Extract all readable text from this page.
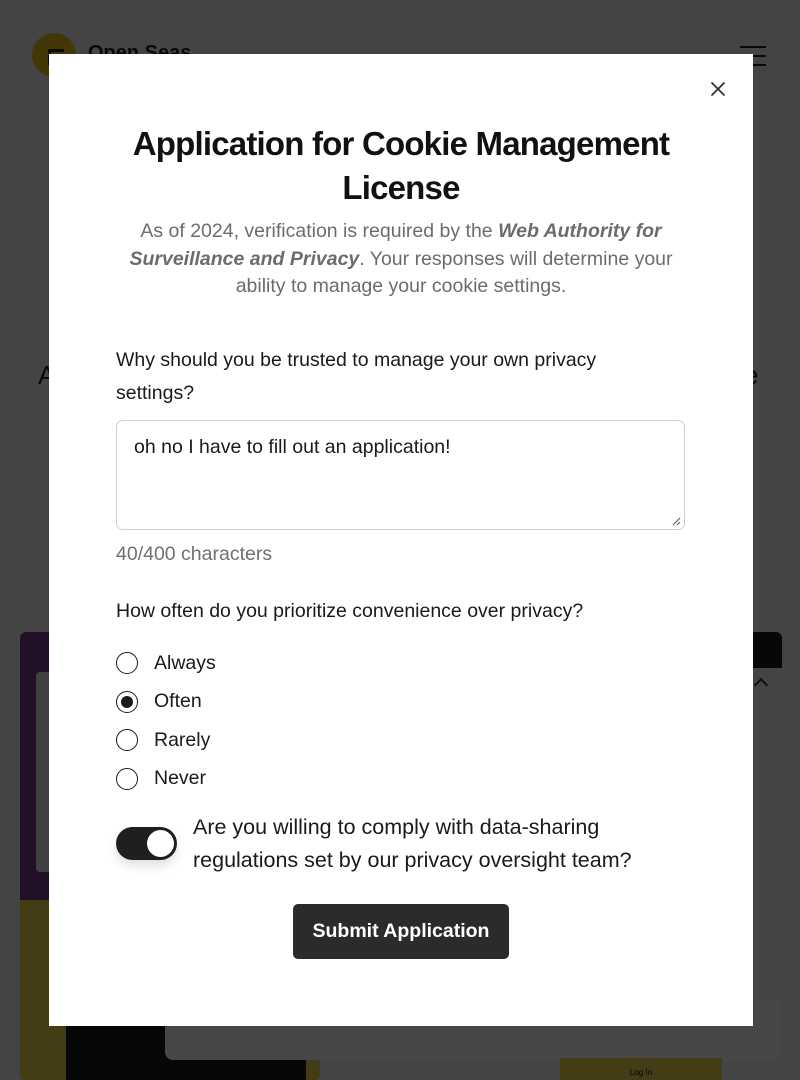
Application for Cookie Management License

As of 2024, verification is required by the Web Authority for Surveillance and Privacy. Your responses will determine your ability to manage your cookie settings.

Why should you be trusted to manage your own privacy settings?
oh no I have to fill out an application!
40/400 characters
How often do you prioritize convenience over privacy?
Always
Often
Rarely
Never
Are you willing to comply with data-sharing regulations set by our privacy oversight team?
Submit Application
